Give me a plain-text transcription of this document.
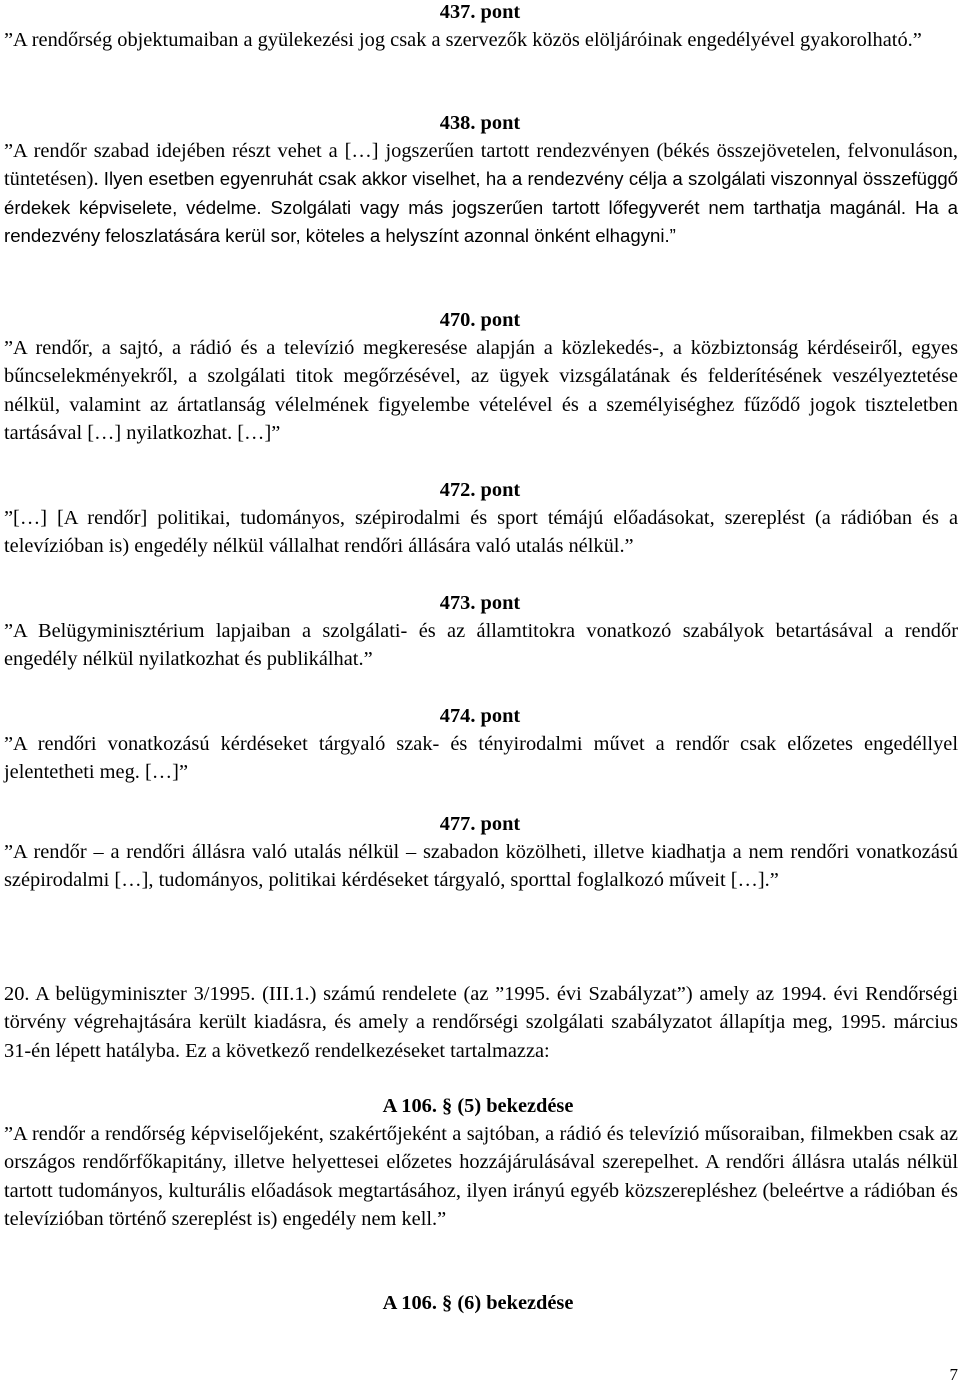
437. pont

”A rendőrség objektumaiban a gyülekezési jog csak a szervezők közös elöljáróinak engedélyével gyakorolható.”

438. pont

”A rendőr szabad idejében részt vehet a […] jogszerűen tartott rendezvényen (békés összejövetelen, felvonuláson, tüntetésen). Ilyen esetben egyenruhát csak akkor viselhet, ha a rendezvény célja a szolgálati viszonnyal összefüggő érdekek képviselete, védelme. Szolgálati vagy más jogszerűen tartott lőfegyverét nem tarthatja magánál. Ha a rendezvény feloszlatására kerül sor, köteles a helyszínt azonnal önként elhagyni.”

470. pont

”A rendőr, a sajtó, a rádió és a televízió megkeresése alapján a közlekedés-, a közbiztonság kérdéseiről, egyes bűncselekményekről, a szolgálati titok megőrzésével, az ügyek vizsgálatának és felderítésének veszélyeztetése nélkül, valamint az ártatlanság vélelmének figyelembe vételével és a személyiséghez fűződő jogok tiszteletben tartásával […] nyilatkozhat. […]”

472. pont

”[…] [A rendőr] politikai, tudományos, szépirodalmi és sport témájú előadásokat, szereplést (a rádióban és a televízióban is) engedély nélkül vállalhat rendőri állására való utalás nélkül.”

473. pont

”A Belügyminisztérium lapjaiban a szolgálati- és az államtitokra vonatkozó szabályok betartásával a rendőr engedély nélkül nyilatkozhat és publikálhat.”

474. pont

”A rendőri vonatkozású kérdéseket tárgyaló szak- és tényirodalmi művet a rendőr csak előzetes engedéllyel jelentetheti meg. […]”

477. pont

”A rendőr – a rendőri állásra való utalás nélkül – szabadon közölheti, illetve kiadhatja a nem rendőri vonatkozású szépirodalmi […], tudományos, politikai kérdéseket tárgyaló, sporttal foglalkozó műveit […].”

20. A belügyminiszter 3/1995. (III.1.) számú rendelete (az ”1995. évi Szabályzat”) amely az 1994. évi Rendőrségi törvény végrehajtására került kiadásra, és amely a rendőrségi szolgálati szabályzatot állapítja meg, 1995. március 31-én lépett hatályba. Ez a következő rendelkezéseket tartalmazza:

A 106. § (5) bekezdése

”A rendőr a rendőrség képviselőjeként, szakértőjeként a sajtóban, a rádió és televízió műsoraiban, filmekben csak az országos rendőrfőkapitány, illetve helyettesei előzetes hozzájárulásával szerepelhet. A rendőri állásra utalás nélkül tartott tudományos, kulturális előadások megtartásához, ilyen irányú egyéb közszerepléshez (beleértve a rádióban és televízióban történő szereplést is) engedély nem kell.”

A 106. § (6) bekezdése
7
